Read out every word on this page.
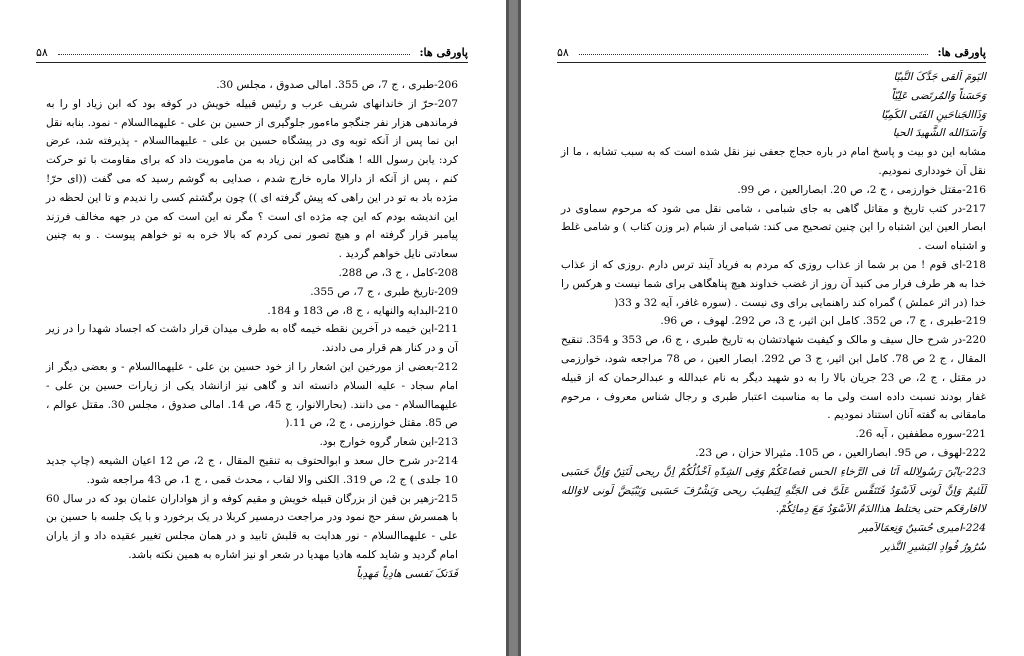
پاورقی ها:
۵۸

206-طبری ، ج 7، ص 355. امالی صدوق ، مجلس 30.

207-حرّ از خاندانهای شریف عرب و رئیس قبیله خویش در کوفه بود که ابن زیاد او را به فرماندهی هزار نفر جنگجو ماءمور جلوگیری از حسین بن علی - علیهماالسلام - نمود. بنابه نقل ابن نما پس از آنکه توبه وی در پیشگاه حسین بن علی - علیهماالسلام - پذیرفته شد، عرض کرد: یابن رسول الله ! هنگامی که ابن زیاد به من ماموریت داد که برای مقاومت با تو حرکت کنم ، پس از آنکه از دارالا ماره خارج شدم ، صدایی به گوشم رسید که می گفت ((ای حرّ! مژده باد به تو در این راهی که پیش گرفته ای )) چون برگشتم کسی را ندیدم و تا این لحظه در این اندیشه بودم که این چه مژده ای است ؟ مگر نه این است که من در جهه مخالف فرزند پیامبر قرار گرفته ام و هیچ تصور نمی کردم که بالا خره به تو خواهم پیوست . و به چنین سعادتی نایل خواهم گردید .

208-کامل ، ج 3، ص 288.

209-تاریخ طبری ، ج 7، ص 355.

210-البدایه والنهایه ، ج 8، ص 183 و 184.

211-این خیمه در آخرین نقطه خیمه گاه به طرف میدان قرار داشت که اجساد شهدا را در زیر آن و در کنار هم قرار می دادند.

212-بعضی از مورخین این اشعار را از خود حسین بن علی - علیهماالسلام - و بعضی دیگر از امام سجاد - علیه السلام دانسته اند و گاهی نیز ازانشاد یکی از زیارات حسین بن علی - علیهماالسلام - می دانند. (بحارالانوار، ج 45، ص 14. امالی صدوق ، مجلس 30. مقتل عوالم ، ص 85. مقتل خوارزمی ، ج 2، ص 11.(

213-این شعار گروه خوارج بود.

214-در شرح حال سعد و ابوالحتوف به تنقیح المقال ، ج 2، ص 12 اعیان الشیعه (چاپ جدید 10 جلدی ) ج 2، ص 319. الکنی والا لقاب ، محدث قمی ، ج 1، ص 43 مراجعه شود.

215-زهیر بن قین از بزرگان قبیله خویش و مقیم کوفه و از هواداران عثمان بود که در سال 60 با همسرش سفر حج نمود ودر مراجعت درمسیر کربلا در یک برخورد و با یک جلسه با حسین بن علی - علیهماالسلام - نور هدایت به قلبش تابید و در همان مجلس تغییر عقیده داد و از یاران امام گردید و شاید کلمه هادیا مهدیا در شعر او نیز اشاره به همین نکته باشد.

فَدَتکَ نَفسی هادِیاً مَهدِیاً

پاورقی ها:
۵۸

الیَومَ اَلقی جَدَّکَ النَّبیّا

وَحَسَناً وَالمُرتَضی عَلِیّاً

وَذَاالجَناحَینِ الفَتَی الکَمِیّا

وَاَسَدَالله الشَّهیدَ الحیا

مشابه این دو بیت و پاسخ امام در باره حجاج جعفی نیز نقل شده است که به سبب تشابه ، ما از نقل آن خودداری نمودیم.

216-مقتل خوارزمی ، ج 2، ص 20. ابصارالعین ، ص 99.

217-در کتب تاریخ و مقاتل گاهی به جای شبامی ، شامی نقل می شود که مرحوم سماوی در ابصار العین این اشتباه را این چنین تصحیح می کند: شبامی از شبام (بر وزن کتاب ) و شامی غلط و اشتباه است .

218-ای قوم ! من بر شما از عذاب روزی که مردم به فریاد آیند ترس دارم .روزی که از عذاب خدا به هر طرف فرار می کنید آن روز از غضب خداوند هیچ پناهگاهی برای شما نیست و هرکس را خدا (در اثر عملش ) گمراه کند راهنمایی برای وی نیست . (سوره غافر، آیه 32 و 33(

219-طبری ، ج 7، ص 352. کامل ابن اثیر، ج 3، ص 292. لهوف ، ص 96.

220-در شرح حال سیف و مالک و کیفیت شهادتشان به تاریخ طبری ، ج 6، ص 353 و 354. تنقیح المقال ، ج 2 ص 78. کامل ابن اثیر، ج 3 ص 292. ابصار العین ، ص 78 مراجعه شود، خوارزمی در مقتل ، ج 2، ص 23 جریان بالا را به دو شهید دیگر به نام عبدالله و عبدالرحمان که از قبیله غفار بودند نسبت داده است ولی ما به مناسبت اعتبار طبری و رجال شناس معروف ، مرحوم مامقانی به گفته آنان استناد نمودیم .

221-سوره مطففین ، آیه 26.

222-لهوف ، ص 95. ابصارالعین ، ص 105. مثیرالا حزان ، ص 23.

223-یابْنَ رَسُولِالله اَنَا فی الرَّخاءِ الحس قصاعَکُمْ وَفِی الشِدّهِ اَخْذُلُکُمْ اِنَّ ریحی لَنَتِنٌ وَاِنَّ حَسَبی لَلَئیمٌ وَاِنَّ لَونی لَاَسْوَدُ فَتَنَفَّس عَلَیَّ فی الجَنَّهِ لِیَطیبَ ریحی وَیَشْرُفَ حَسَبی وَیَبْیَضَّ لَونی لاوَالله لاافارقکم حتی یختلط هذاالدَمُ الاَسْوَدُ مَعَ دِمائِکُمْ.

224-امیری حُسَینٌ وَنِعمَالاَمیر

سُرُورُ فُوادِ البَشیرِ النَّذیر
